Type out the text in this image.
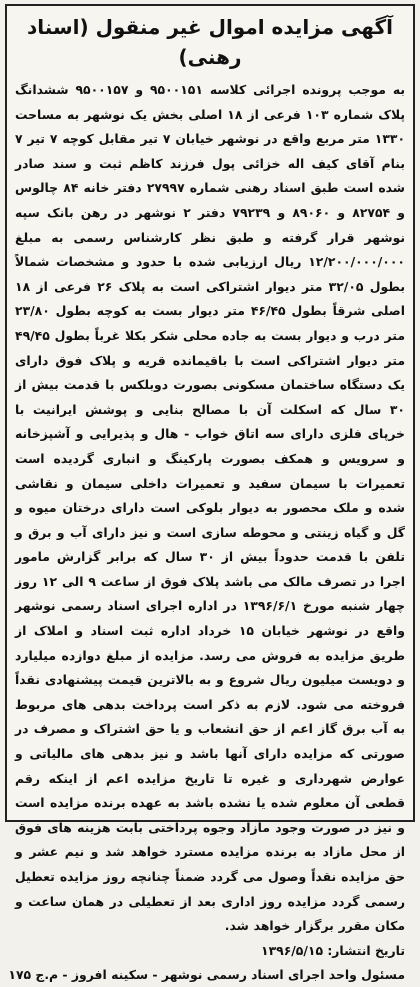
آگهی مزایده اموال غیر منقول (اسناد رهنی)

به موجب پرونده اجرائی کلاسه ۹۵۰۰۱۵۱ و ۹۵۰۰۱۵۷ ششدانگ پلاک شماره ۱۰۳ فرعی از ۱۸ اصلی بخش یک نوشهر به مساحت ۱۳۳۰ متر مربع واقع در نوشهر خیابان ۷ تیر مقابل کوچه ۷ تیر ۷ بنام آقای کیف اله خزائی پول فرزند کاظم ثبت و سند صادر شده است طبق اسناد رهنی شماره ۲۷۹۹۷ دفتر خانه ۸۴ چالوس و ۸۲۷۵۴ و ۸۹۰۶۰ و ۷۹۲۳۹ دفتر ۲ نوشهر در رهن بانک سپه نوشهر قرار گرفته و طبق نظر کارشناس رسمی به مبلغ ۱۲/۲۰۰/۰۰۰/۰۰۰ ریال ارزیابی شده با حدود و مشخصات شمالاً بطول ۳۲/۰۵ متر دیوار اشتراکی است به پلاک ۲۶ فرعی از ۱۸ اصلی شرقاً بطول ۴۶/۴۵ متر دیوار بست به کوچه بطول ۲۳/۸۰ متر درب و دیوار بست به جاده محلی شکر بکلا غرباً بطول ۴۹/۴۵ متر دیوار اشتراکی است با باقیمانده قریه و پلاک فوق دارای یک دستگاه ساختمان مسکونی بصورت دوبلکس با قدمت بیش از ۳۰ سال که اسکلت آن با مصالح بنایی و پوشش ایرانیت با خرپای فلزی دارای سه اتاق خواب - هال و پذیرایی و آشپزخانه و سرویس و همکف بصورت پارکینگ و انباری گردیده است تعمیرات با سیمان سفید و تعمیرات داخلی سیمان و نقاشی شده و ملک محصور به دیوار بلوکی است دارای درختان میوه و گل و گیاه زینتی و محوطه سازی است و نیز دارای آب و برق و تلفن با قدمت حدوداً بیش از ۳۰ سال که برابر گزارش مامور اجرا در تصرف مالک می باشد پلاک فوق از ساعت ۹ الی ۱۲ روز چهار شنبه مورخ ۱۳۹۶/۶/۱ در اداره اجرای اسناد رسمی نوشهر واقع در نوشهر خیابان ۱۵ خرداد اداره ثبت اسناد و املاک از طریق مزایده به فروش می رسد. مزایده از مبلغ دوازده میلیارد و دویست میلیون ریال شروع و به بالاترین قیمت پیشنهادی نقداً فروخته می شود. لازم به ذکر است پرداخت بدهی های مربوط به آب برق گاز اعم از حق انشعاب و یا حق اشتراک و مصرف در صورتی که مزایده دارای آنها باشد و نیز بدهی های مالیاتی و عوارض شهرداری و غیره تا تاریخ مزایده اعم از اینکه رقم قطعی آن معلوم شده یا نشده باشد به عهده برنده مزایده است و نیز در صورت وجود مازاد وجوه پرداختی بابت هزینه های فوق از محل مازاد به برنده مزایده مسترد خواهد شد و نیم عشر و حق مزایده نقداً وصول می گردد ضمناً چنانچه روز مزایده تعطیل رسمی گردد مزایده روز اداری بعد از تعطیلی در همان ساعت و مکان مقرر برگزار خواهد شد.

تاریخ انتشار: ۱۳۹۶/۵/۱۵
مسئول واحد اجرای اسناد رسمی نوشهر - سکینه افروز - م.ج ۱۷۵
